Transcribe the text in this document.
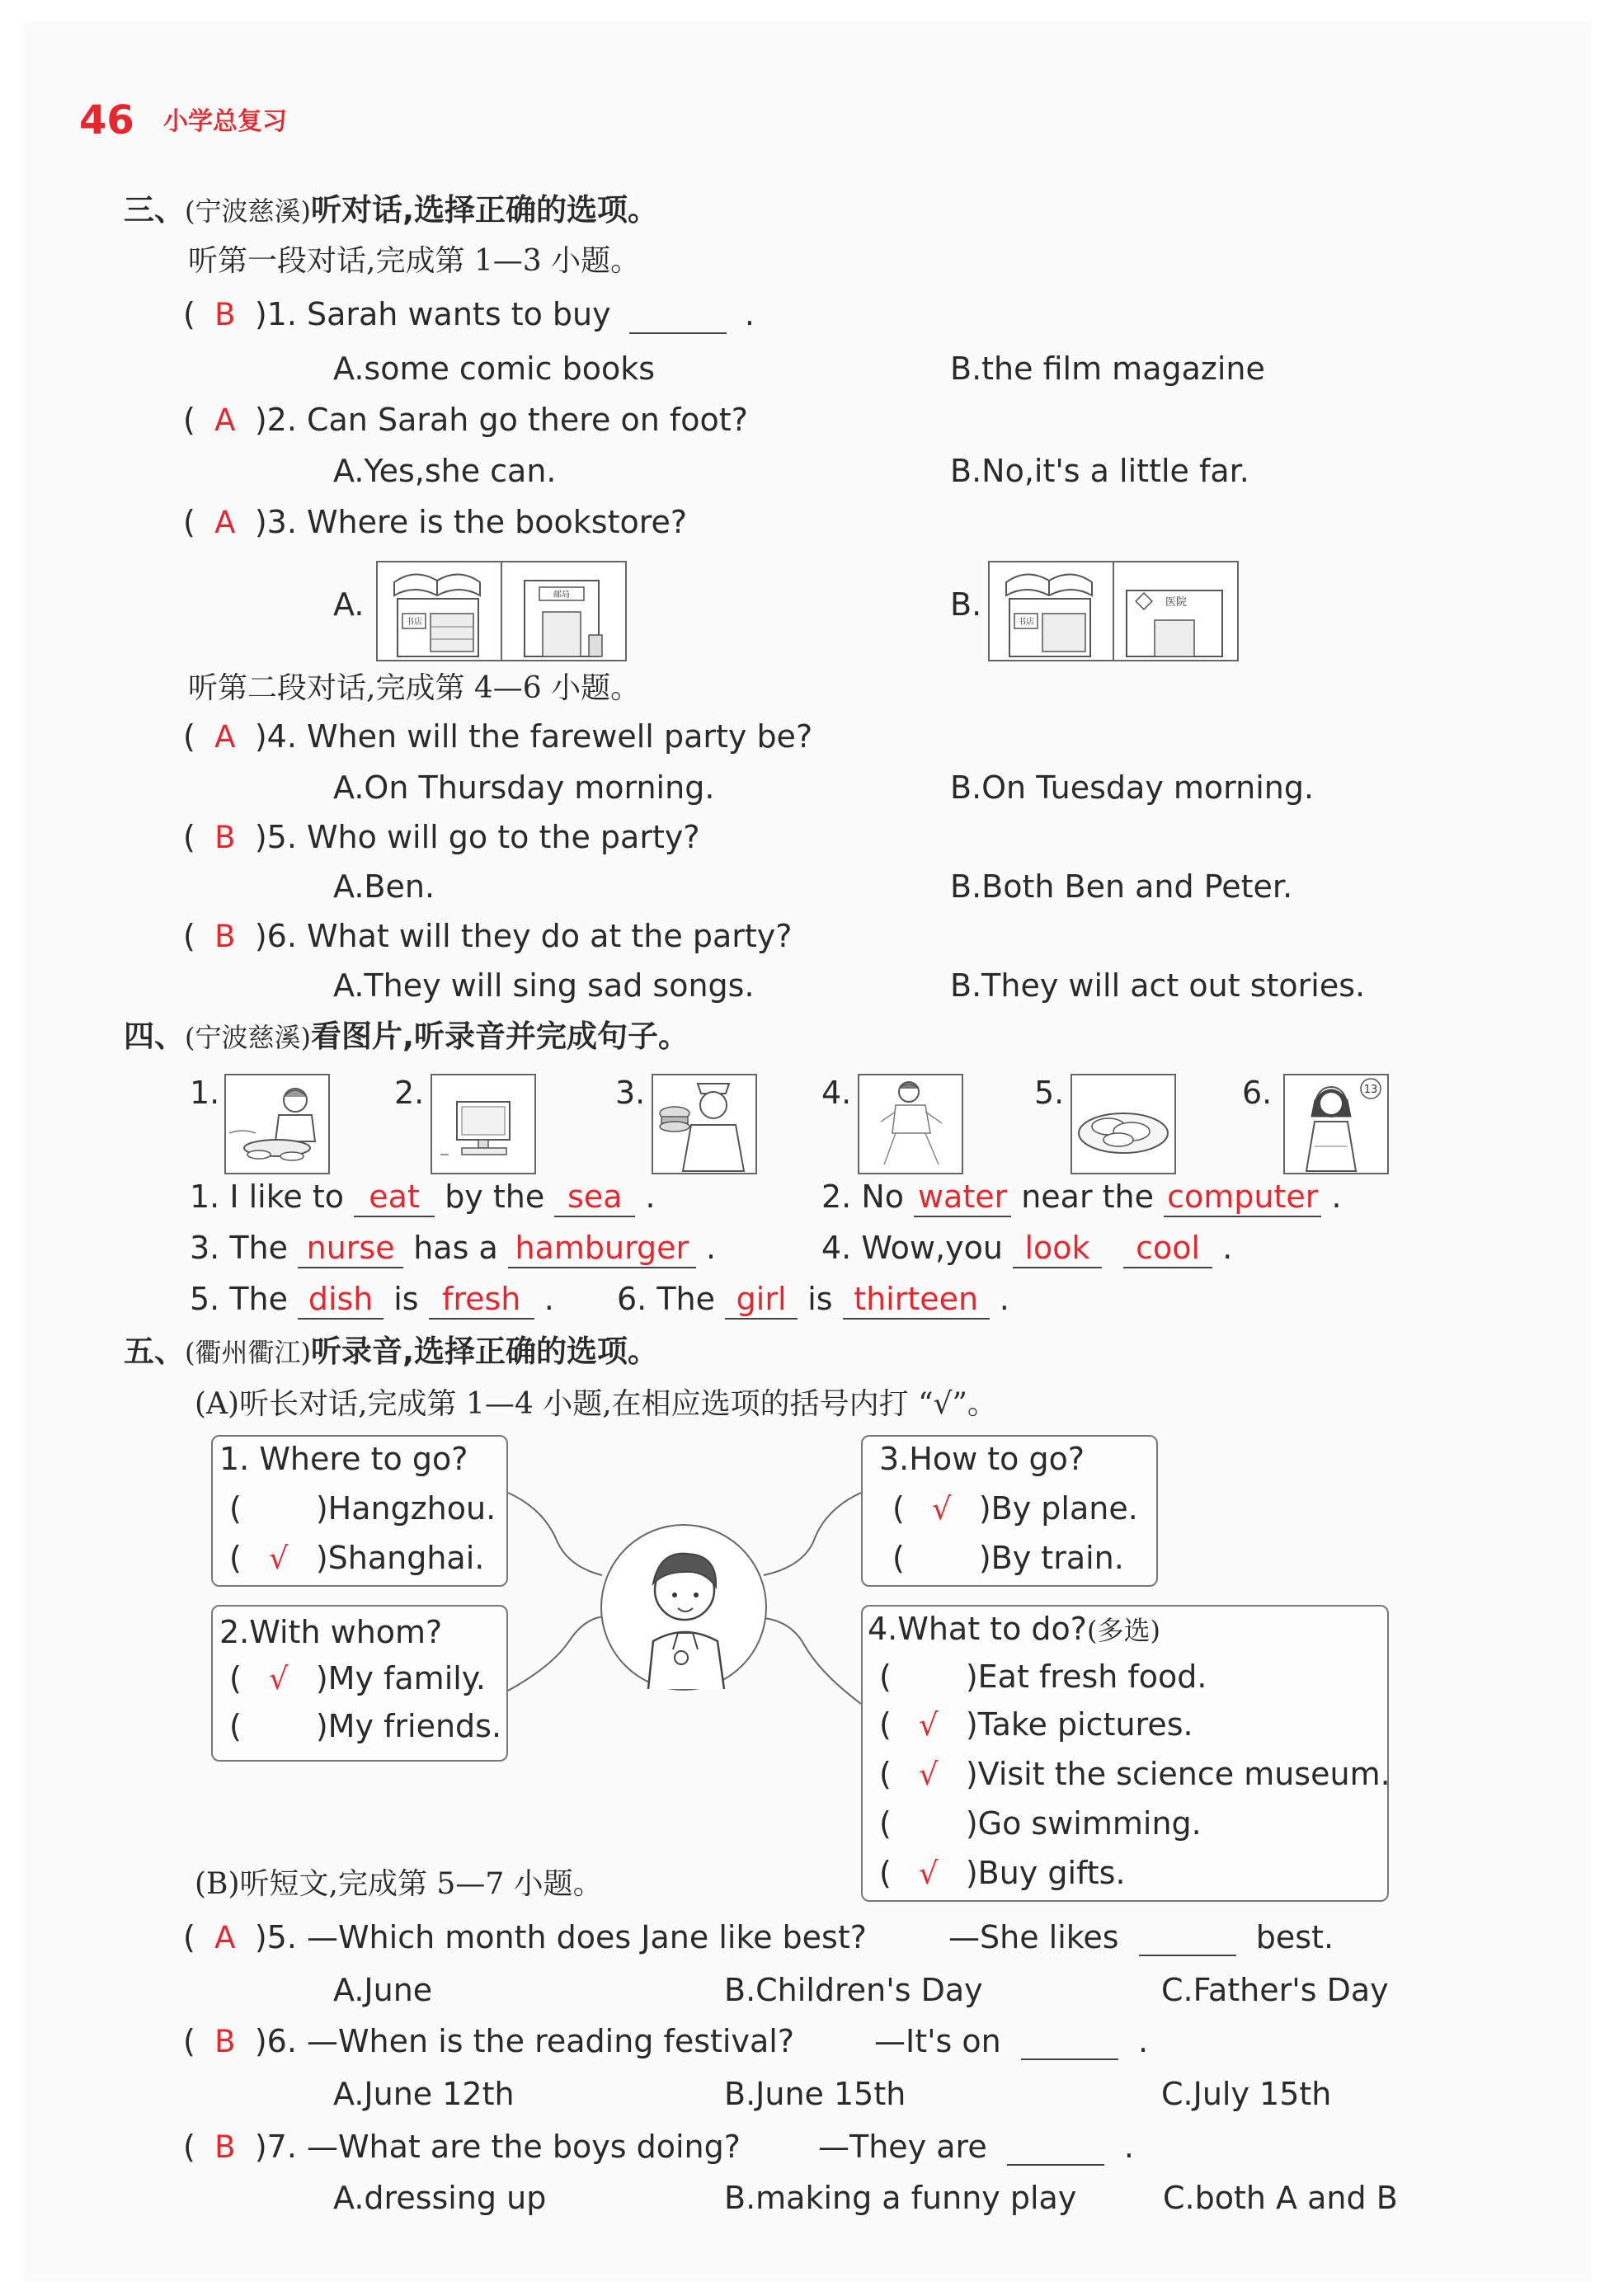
46 小学总复习
三、(宁波慈溪)听对话,选择正确的选项。
听第一段对话,完成第 1—3 小题。
( B )1. Sarah wants to buy	.
A.some comic books	B.the film magazine
( A )2. Can Sarah go there on foot?
A.Yes,she can.	B.No,it's a little far.
( A )3. Where is the bookstore?
A.	B.
书店
邮局
书店
医院
听第二段对话,完成第 4—6 小题。
( A )4. When will the farewell party be?
A.On Thursday morning.	B.On Tuesday morning.
( B )5. Who will go to the party?
A.Ben.	B.Both Ben and Peter.
( B )6. What will they do at the party?
A.They will sing sad songs.	B.They will act out stories.
四、(宁波慈溪)看图片,听录音并完成句子。
1.	2.	3.	4.	5.	6.	13
1. I like to eat by the sea .	2. No water near the computer .
3. The nurse has a hamburger .	4. Wow,you look cool .
5. The dish is fresh . 6. The girl is thirteen .
五、(衢州衢江)听录音,选择正确的选项。
(A)听长对话,完成第 1—4 小题,在相应选项的括号内打 “√”。
1. Where to go?
( )Hangzhou.
( √ )Shanghai.
2.With whom?
( √ )My family.
( )My friends.
3.How to go?
( √ )By plane.
( )By train.
4.What to do?(多选)
( )Eat fresh food.
( √ )Take pictures.
( √ )Visit the science museum.
( )Go swimming.
( √ )Buy gifts.
(B)听短文,完成第 5—7 小题。
( A )5. —Which month does Jane like best?	—She likes	best.
A.June	B.Children's Day	C.Father's Day
( B )6. —When is the reading festival?	—It's on	.
A.June 12th	B.June 15th	C.July 15th
( B )7. —What are the boys doing? —They are	.
A.dressing up	B.making a funny play	C.both A and B
